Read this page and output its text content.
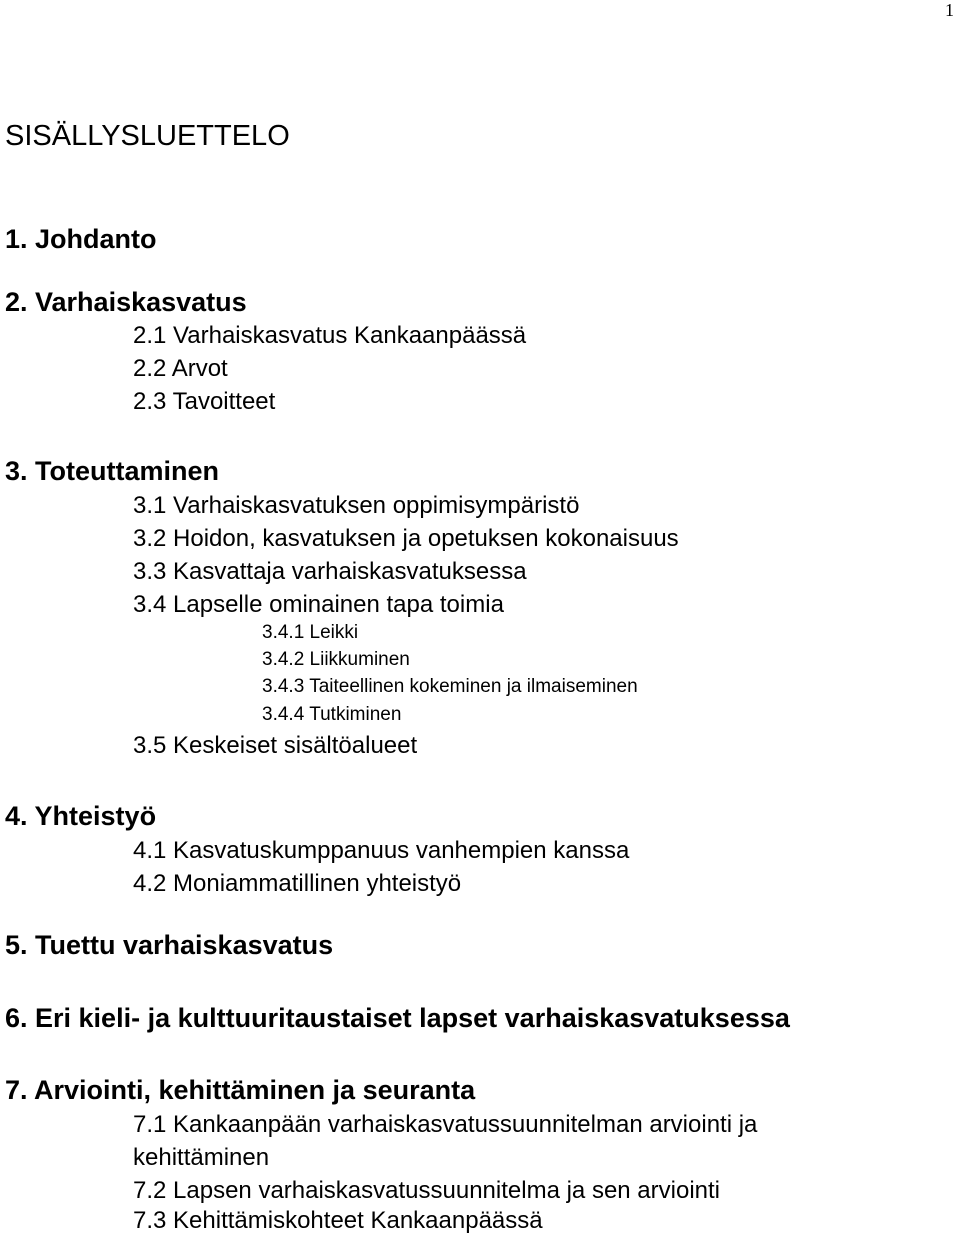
1
SISÄLLYSLUETTELO
1. Johdanto
2. Varhaiskasvatus
2.1 Varhaiskasvatus Kankaanpäässä
2.2 Arvot
2.3 Tavoitteet
3. Toteuttaminen
3.1 Varhaiskasvatuksen oppimisympäristö
3.2 Hoidon, kasvatuksen ja opetuksen kokonaisuus
3.3 Kasvattaja varhaiskasvatuksessa
3.4 Lapselle ominainen tapa toimia
3.4.1 Leikki
3.4.2 Liikkuminen
3.4.3 Taiteellinen kokeminen ja ilmaiseminen
3.4.4 Tutkiminen
3.5 Keskeiset sisältöalueet
4. Yhteistyö
4.1 Kasvatuskumppanuus vanhempien kanssa
4.2 Moniammatillinen yhteistyö
5. Tuettu varhaiskasvatus
6. Eri kieli- ja kulttuuritaustaiset lapset varhaiskasvatuksessa
7. Arviointi, kehittäminen ja seuranta
7.1 Kankaanpään varhaiskasvatussuunnitelman arviointi ja
kehittäminen
7.2 Lapsen varhaiskasvatussuunnitelma ja sen arviointi
7.3 Kehittämiskohteet Kankaanpäässä
